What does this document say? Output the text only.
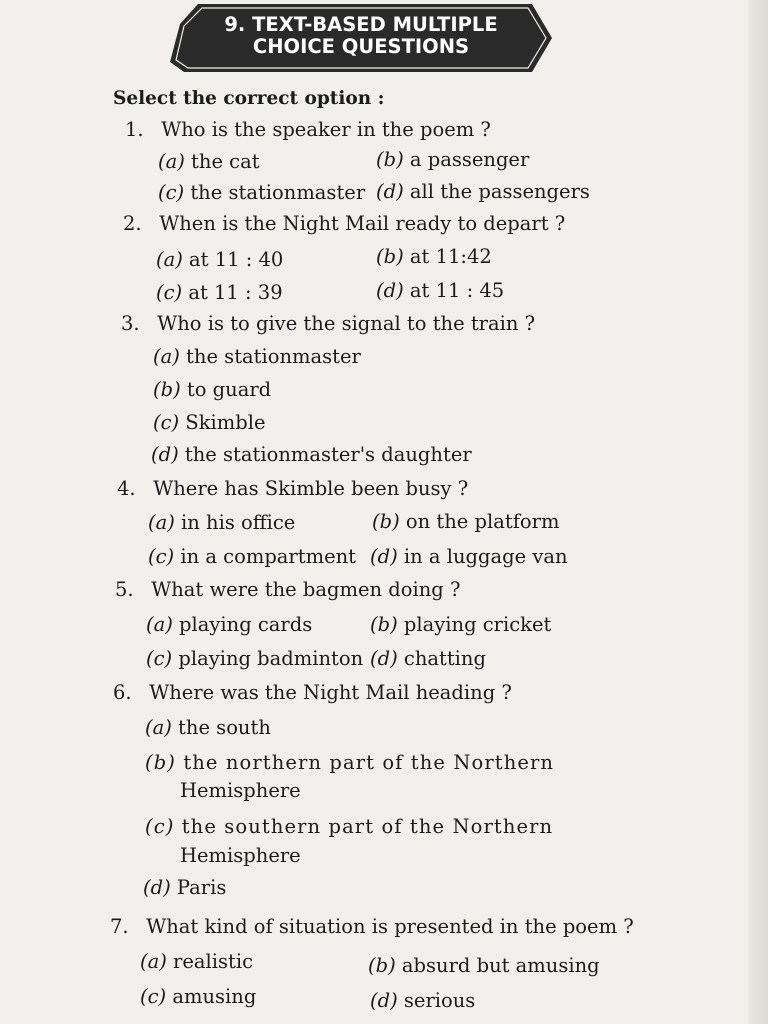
9. TEXT-BASED MULTIPLE
CHOICE QUESTIONS
Select the correct option :
1. Who is the speaker in the poem ?
(a) the cat	(b) a passenger
(c) the stationmaster (d) all the passengers
2. When is the Night Mail ready to depart ?
(a) at 11 : 40	(b) at 11:42
(c) at 11 : 39	(d) at 11 : 45
3. Who is to give the signal to the train ?
(a) the stationmaster
(b) to guard
(c) Skimble
(d) the stationmaster's daughter
4. Where has Skimble been busy ?
(a) in his office	(b) on the platform
(c) in a compartment (d) in a luggage van
5. What were the bagmen doing ?
(a) playing cards	(b) playing cricket
(c) playing badminton (d) chatting
6. Where was the Night Mail heading ?
(a) the south
(b) the northern part of the Northern
Hemisphere
(c) the southern part of the Northern
Hemisphere
(d) Paris
7. What kind of situation is presented in the poem ?
(a) realistic	(b) absurd but amusing
(c) amusing	(d) serious
